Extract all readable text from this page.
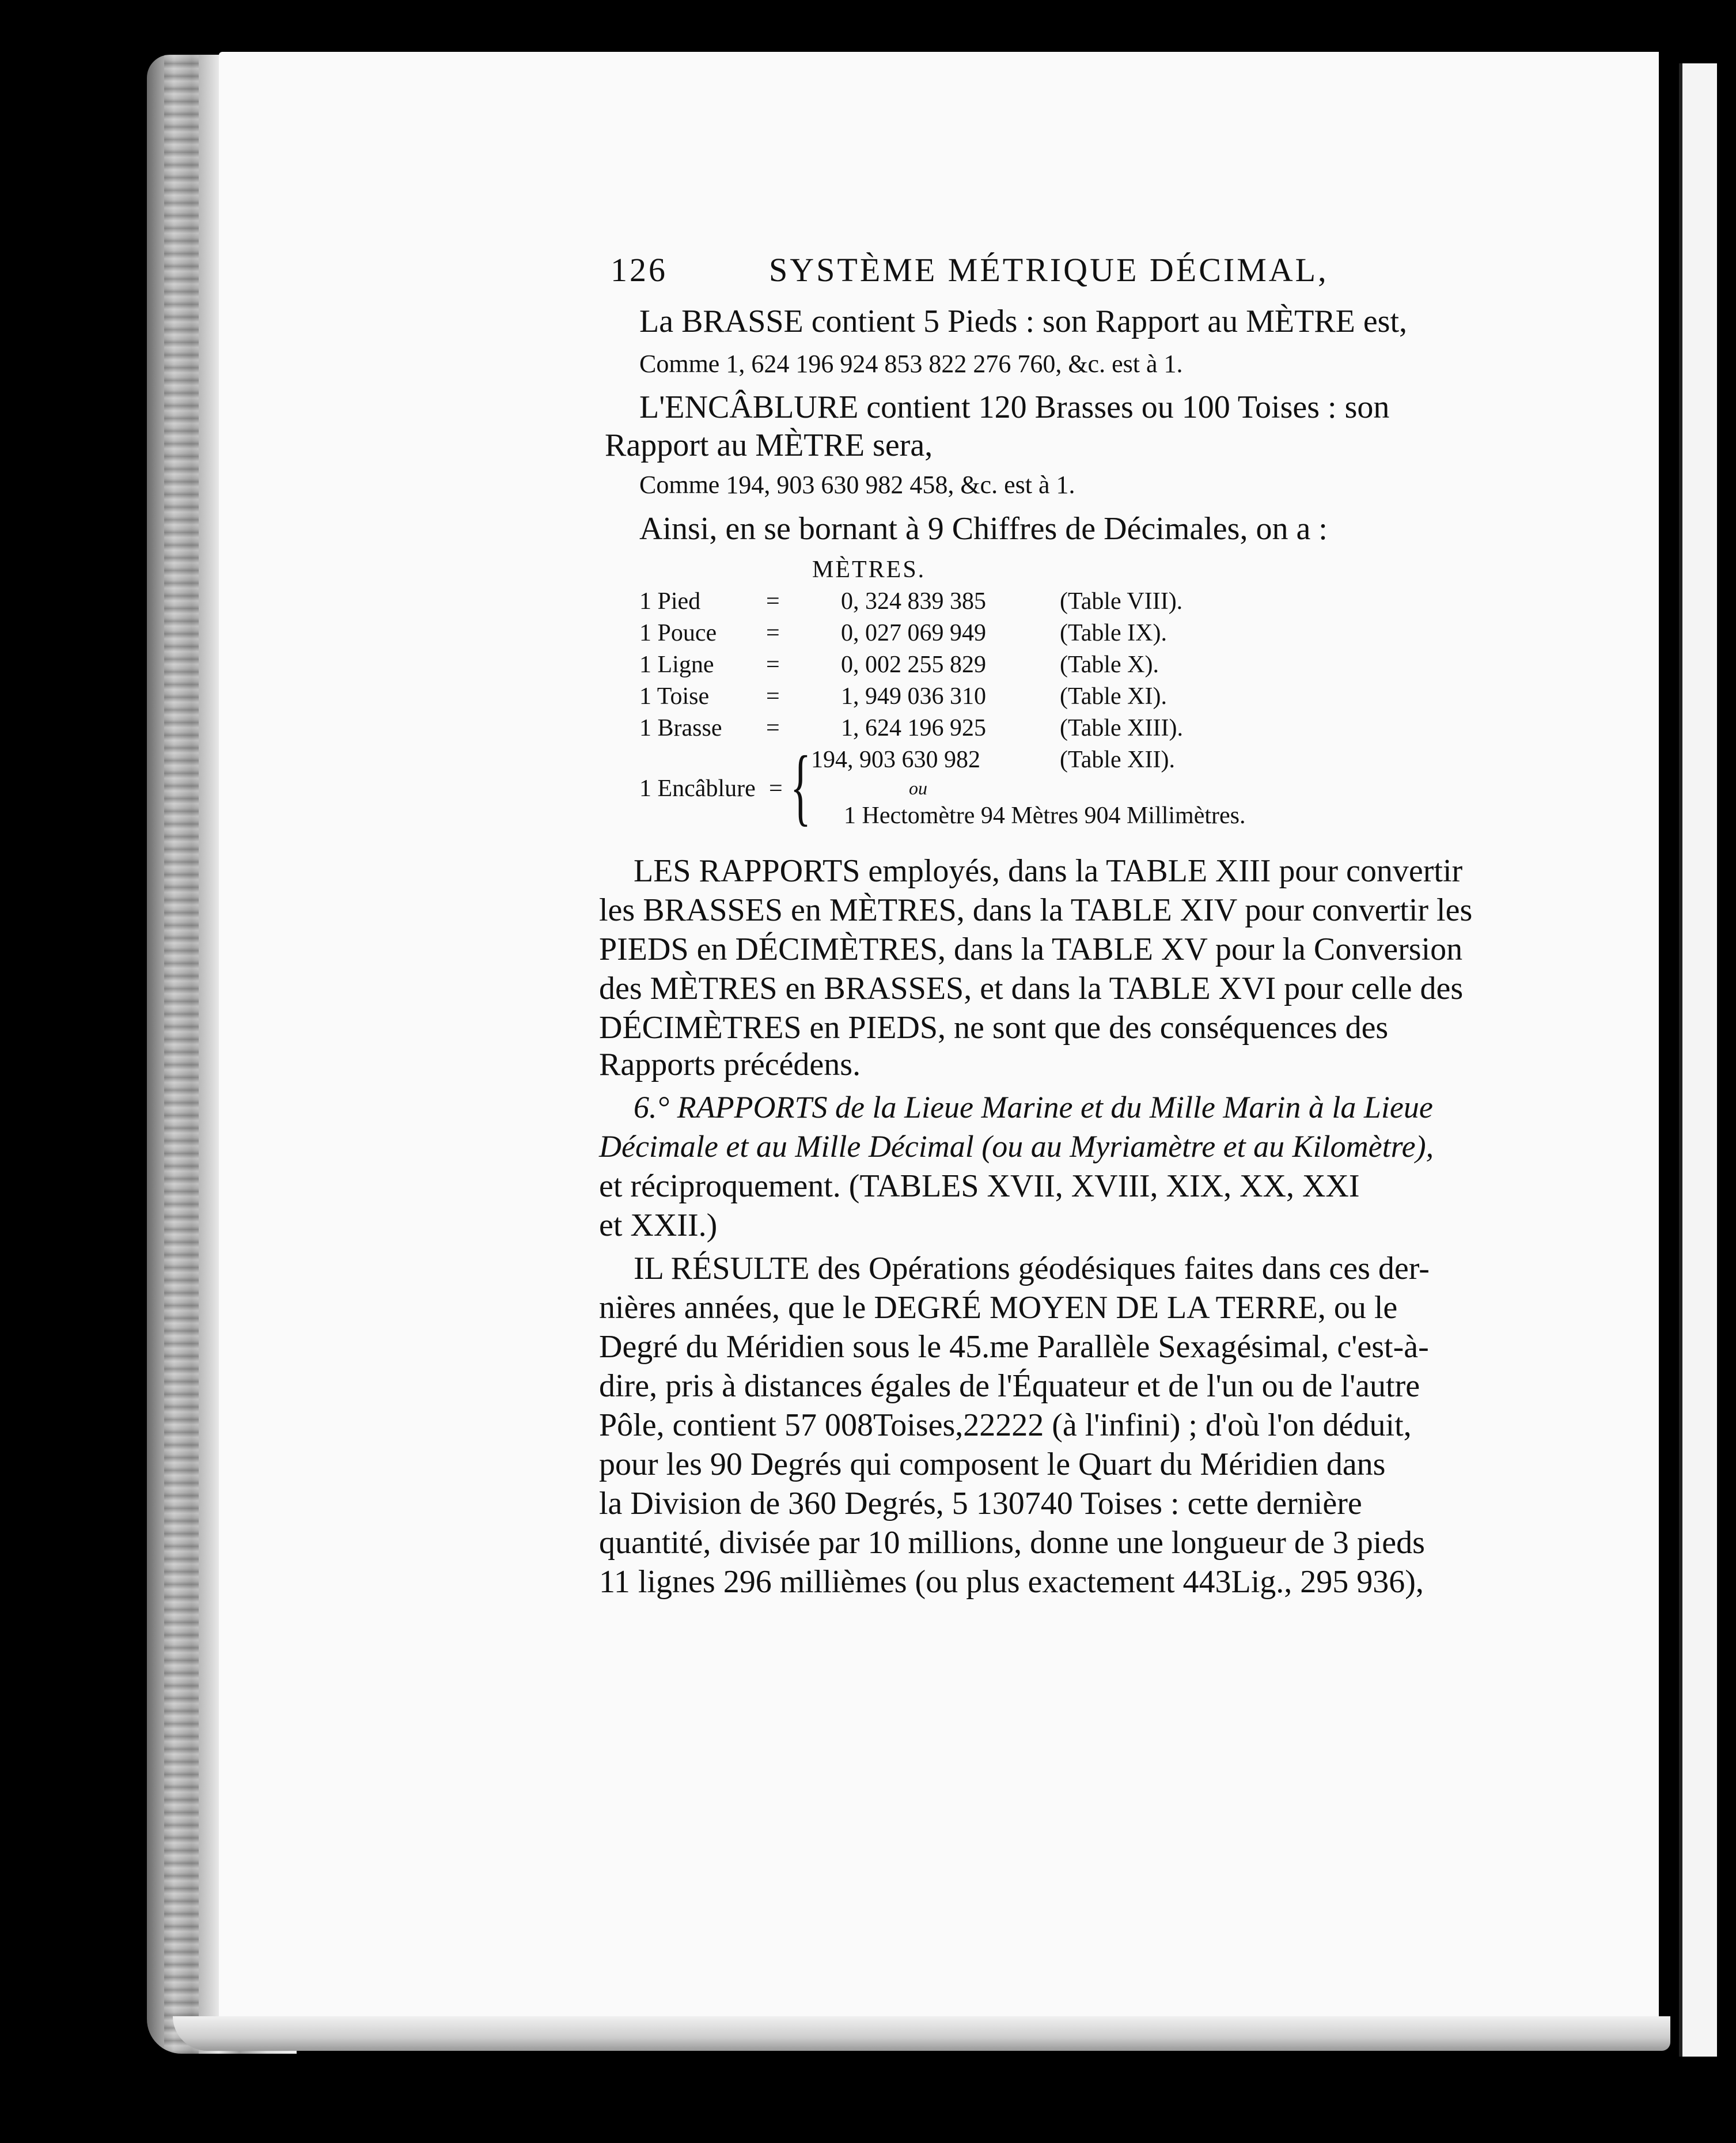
126	SYSTÈME MÉTRIQUE DÉCIMAL,
La BRASSE contient 5 Pieds : son Rapport au MÈTRE est,
Comme 1, 624 196 924 853 822 276 760, &c. est à 1.
L'ENCÂBLURE contient 120 Brasses ou 100 Toises : son
Rapport au MÈTRE sera,
Comme 194, 903 630 982 458, &c. est à 1.
Ainsi, en se bornant à 9 Chiffres de Décimales, on a :
MÈTRES.
1 Pied	=	0, 324 839 385	(Table VIII).
1 Pouce =	0, 027 069 949	(Table IX).
1 Ligne =	0, 002 255 829	(Table X).
1 Toise =	1, 949 036 310	(Table XI).
1 Brasse =	1, 624 196 925	(Table XIII).
1 Encâblure = { 194, 903 630 982	(Table XII).
ou
1 Hectomètre 94 Mètres 904 Millimètres.
LES RAPPORTS employés, dans la TABLE XIII pour convertir
les BRASSES en MÈTRES, dans la TABLE XIV pour convertir les
PIEDS en DÉCIMÈTRES, dans la TABLE XV pour la Conversion
des MÈTRES en BRASSES, et dans la TABLE XVI pour celle des
DÉCIMÈTRES en PIEDS, ne sont que des conséquences des
Rapports précédens.
6.° RAPPORTS de la Lieue Marine et du Mille Marin à la Lieue
Décimale et au Mille Décimal (ou au Myriamètre et au Kilomètre),
et réciproquement. (TABLES XVII, XVIII, XIX, XX, XXI
et XXII.)
IL RÉSULTE des Opérations géodésiques faites dans ces der-
nières années, que le DEGRÉ MOYEN DE LA TERRE, ou le
Degré du Méridien sous le 45.me Parallèle Sexagésimal, c'est-à-
dire, pris à distances égales de l'Équateur et de l'un ou de l'autre
Pôle, contient 57 008Toises,22222 (à l'infini) ; d'où l'on déduit,
pour les 90 Degrés qui composent le Quart du Méridien dans
la Division de 360 Degrés, 5 130740 Toises : cette dernière
quantité, divisée par 10 millions, donne une longueur de 3 pieds
11 lignes 296 millièmes (ou plus exactement 443Lig., 295 936),
